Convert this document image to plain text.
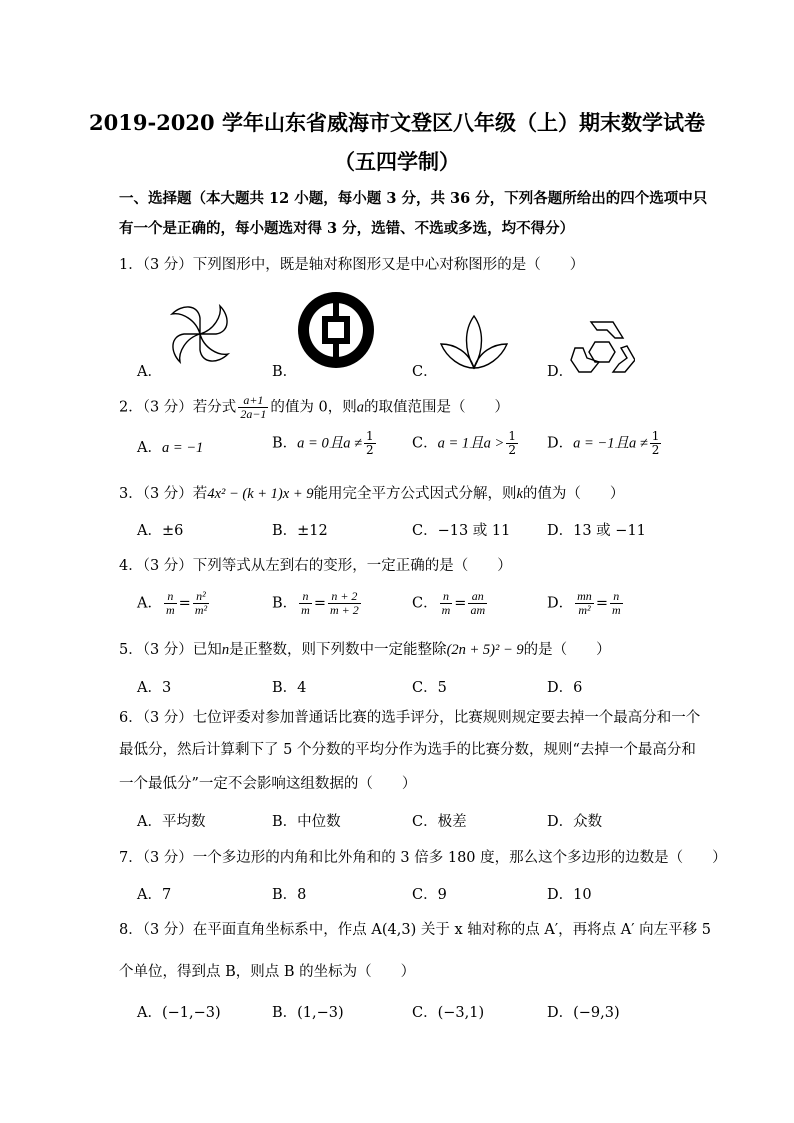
2019-2020 学年山东省威海市文登区八年级（上）期末数学试卷
（五四学制）
一、选择题（本大题共 12 小题，每小题 3 分，共 36 分，下列各题所给出的四个选项中只
有一个是正确的，每小题选对得 3 分，选错、不选或多选，均不得分）
1．（3 分）下列图形中，既是轴对称图形又是中心对称图形的是（　　）
A．	B．	C．	D．
2．（3 分）若分式 $\frac{a+1}{2a-1}$ 的值为 0，则a的取值范围是（　　）
A．a = −1	B．a = 0且$a \ne \frac{1}{2}$	C．a = 1且$a > \frac{1}{2}$ D．a = −1且$a \ne \frac{1}{2}$
3．（3 分）若4x² − (k + 1)x + 9能用完全平方公式因式分解，则k的值为（　　）
A．±6	B．±12	C．−13 或 11	D．13 或 −11
4．（3 分）下列等式从左到右的变形，一定正确的是（　　）
A． $\frac{n}{m} = \frac{\text{n²}}{\text{m²}}$	B． $\frac{n}{m} = \frac{n + 2}{m + 2}$	C． $\frac{n}{m} = \frac{an}{am}$	D． $\frac{mn}{\text{m²}} = \frac{n}{m}$
5．（3 分）已知n是正整数，则下列数中一定能整除(2n + 5)² − 9的是（　　）
A．3	B．4	C．5	D．6
6．（3 分）七位评委对参加普通话比赛的选手评分，比赛规则规定要去掉一个最高分和一个
最低分，然后计算剩下了 5 个分数的平均分作为选手的比赛分数，规则“去掉一个最高分和
一个最低分”一定不会影响这组数据的（　　）
A．平均数	B．中位数	C．极差	D．众数
7．（3 分）一个多边形的内角和比外角和的 3 倍多 180 度，那么这个多边形的边数是（　　）
A．7	B．8	C．9	D．10
8．（3 分）在平面直角坐标系中，作点 A(4,3) 关于 x 轴对称的点 A′，再将点 A′ 向左平移 5
个单位，得到点 B，则点 B 的坐标为（　　）
A．(−1,−3)	B．(1,−3)	C．(−3,1)	D．(−9,3)
